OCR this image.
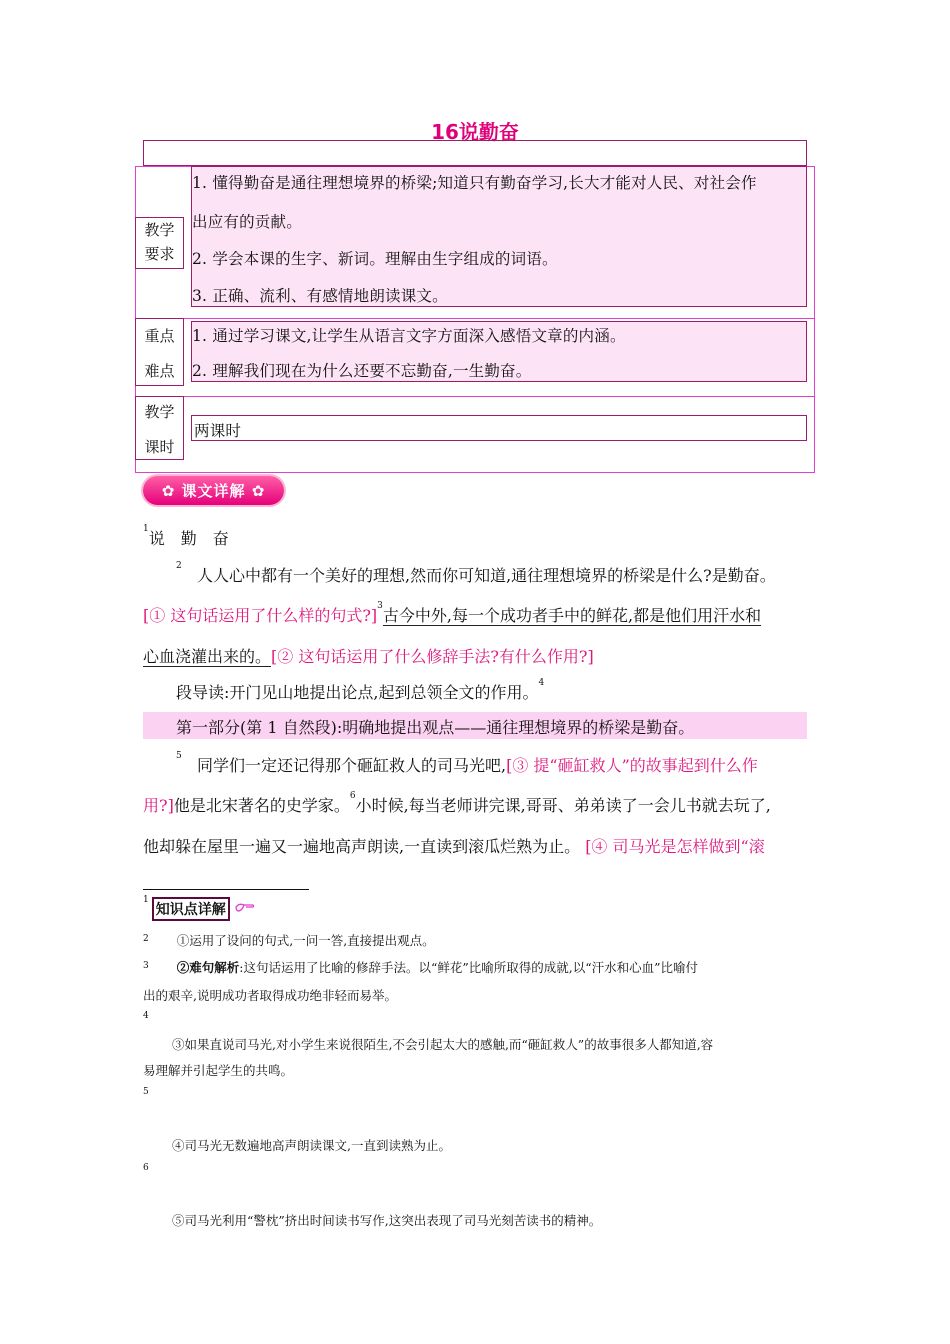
16说勤奋
教学
要求
1. 懂得勤奋是通往理想境界的桥梁;知道只有勤奋学习,长大才能对人民、对社会作
出应有的贡献。
2. 学会本课的生字、新词。理解由生字组成的词语。
3. 正确、流利、有感情地朗读课文。
重点
难点
1. 通过学习课文,让学生从语言文字方面深入感悟文章的内涵。
2. 理解我们现在为什么还要不忘勤奋,一生勤奋。
教学
课时
两课时
✿ 课文详解 ✿
$^1$说　勤　奋
$^2$ 人人心中都有一个美好的理想,然而你可知道,通往理想境界的桥梁是什么?是勤奋。
[① 这句话运用了什么样的句式?]$^3$古今中外,每一个成功者手中的鲜花,都是他们用汗水和
心血浇灌出来的。[② 这句话运用了什么修辞手法?有什么作用?]
段导读:开门见山地提出论点,起到总领全文的作用。$^4$
第一部分(第 1 自然段):明确地提出观点——通往理想境界的桥梁是勤奋。
$^5$ 同学们一定还记得那个砸缸救人的司马光吧,[③ 提“砸缸救人”的故事起到什么作
用?]他是北宋著名的史学家。$^6$小时候,每当老师讲完课,哥哥、弟弟读了一会儿书就去玩了,
他却躲在屋里一遍又一遍地高声朗读,一直读到滚瓜烂熟为止。 [④ 司马光是怎样做到“滚
1
知识点详解
$^2$ ①运用了设问的句式,一问一答,直接提出观点。
$^3$ ②难句解析:这句话运用了比喻的修辞手法。以“鲜花”比喻所取得的成就,以“汗水和心血”比喻付
出的艰辛,说明成功者取得成功绝非轻而易举。
$^4$
③如果直说司马光,对小学生来说很陌生,不会引起太大的感触,而“砸缸救人”的故事很多人都知道,容
易理解并引起学生的共鸣。
$^5$
④司马光无数遍地高声朗读课文,一直到读熟为止。
$^6$
⑤司马光利用“警枕”挤出时间读书写作,这突出表现了司马光刻苦读书的精神。
